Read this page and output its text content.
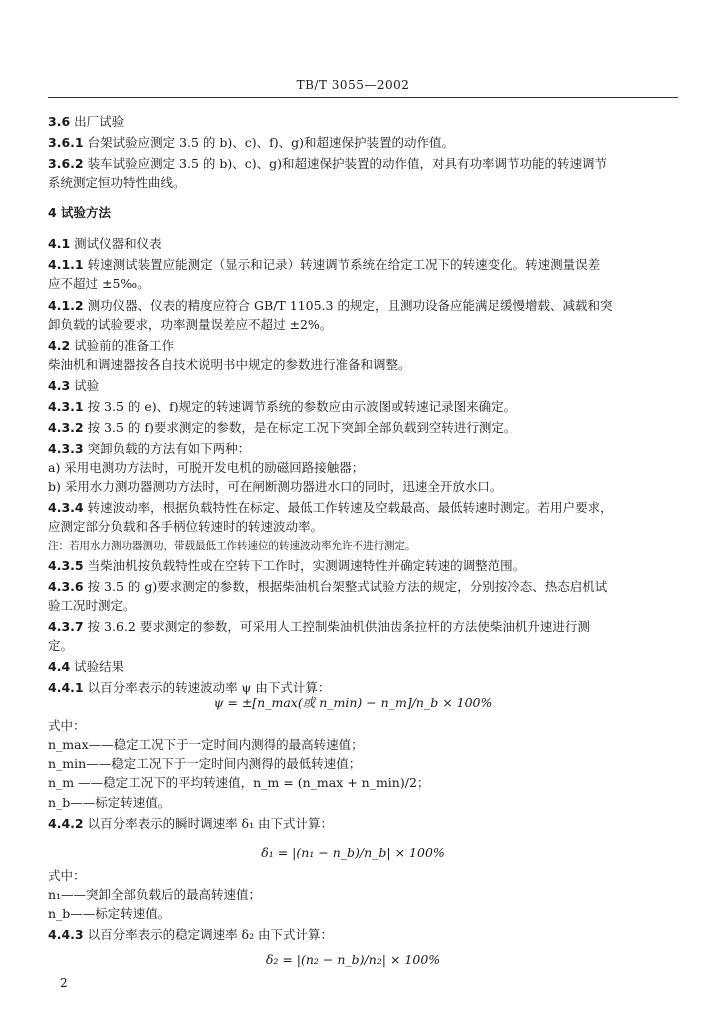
TB/T 3055—2002
3.6 出厂试验
3.6.1 台架试验应测定 3.5 的 b)、c)、f)、g)和超速保护装置的动作值。
3.6.2 装车试验应测定 3.5 的 b)、c)、g)和超速保护装置的动作值，对具有功率调节功能的转速调节
系统测定恒功特性曲线。
4 试验方法
4.1 测试仪器和仪表
4.1.1 转速测试装置应能测定（显示和记录）转速调节系统在给定工况下的转速变化。转速测量误差
应不超过 ±5‰。
4.1.2 测功仪器、仪表的精度应符合 GB/T 1105.3 的规定，且测功设备应能满足缓慢增载、减载和突
卸负载的试验要求，功率测量误差应不超过 ±2%。
4.2 试验前的准备工作
柴油机和调速器按各自技术说明书中规定的参数进行准备和调整。
4.3 试验
4.3.1 按 3.5 的 e)、f)规定的转速调节系统的参数应由示波图或转速记录图来确定。
4.3.2 按 3.5 的 f)要求测定的参数，是在标定工况下突卸全部负载到空转进行测定。
4.3.3 突卸负载的方法有如下两种：
a) 采用电测功方法时，可脱开发电机的励磁回路接触器；
b) 采用水力测功器测功方法时，可在闸断测功器进水口的同时，迅速全开放水口。
4.3.4 转速波动率，根据负载特性在标定、最低工作转速及空载最高、最低转速时测定。若用户要求，
应测定部分负载和各手柄位转速时的转速波动率。
注：若用水力测功器测功，带载最低工作转速位的转速波动率允许不进行测定。
4.3.5 当柴油机按负载特性或在空转下工作时，实测调速特性并确定转速的调整范围。
4.3.6 按 3.5 的 g)要求测定的参数，根据柴油机台架整式试验方法的规定，分别按冷态、热态启机试
验工况时测定。
4.3.7 按 3.6.2 要求测定的参数，可采用人工控制柴油机供油齿条拉杆的方法使柴油机升速进行测
定。
4.4 试验结果
4.4.1 以百分率表示的转速波动率 ψ 由下式计算：
式中：
n_max——稳定工况下于一定时间内测得的最高转速值；
n_min——稳定工况下于一定时间内测得的最低转速值；
n_m ——稳定工况下的平均转速值，n_m = (n_max + n_min)/2；
n_b——标定转速值。
4.4.2 以百分率表示的瞬时调速率 δ₁ 由下式计算：
式中：
n₁——突卸全部负载后的最高转速值；
n_b——标定转速值。
4.4.3 以百分率表示的稳定调速率 δ₂ 由下式计算：
ψ = ±[n_max(或 n_min) − n_m]/n_b × 100%
δ₁ = |(n₁ − n_b)/n_b| × 100%
δ₂ = |(n₂ − n_b)/n₂| × 100%
2
